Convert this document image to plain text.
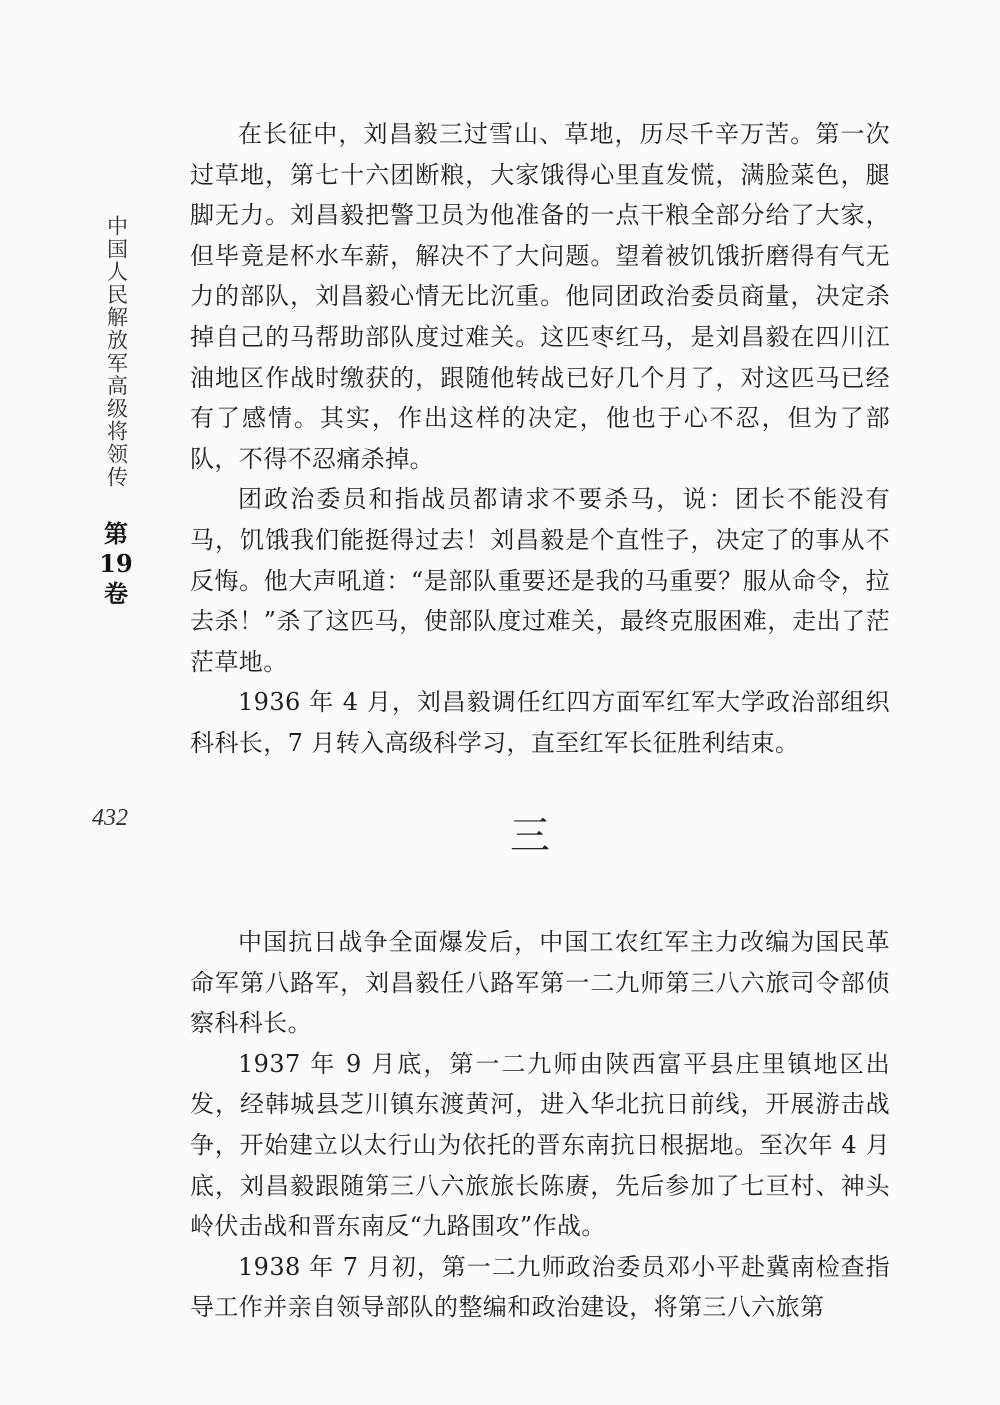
中国人民解放军高级将领传
第
19
卷
432

在长征中，刘昌毅三过雪山、草地，历尽千辛万苦。第一次过草地，第七十六团断粮，大家饿得心里直发慌，满脸菜色，腿脚无力。刘昌毅把警卫员为他准备的一点干粮全部分给了大家，但毕竟是杯水车薪，解决不了大问题。望着被饥饿折磨得有气无力的部队，刘昌毅心情无比沉重。他同团政治委员商量，决定杀掉自己的马帮助部队度过难关。这匹枣红马，是刘昌毅在四川江油地区作战时缴获的，跟随他转战已好几个月了，对这匹马已经有了感情。其实，作出这样的决定，他也于心不忍，但为了部队，不得不忍痛杀掉。

团政治委员和指战员都请求不要杀马，说：团长不能没有马，饥饿我们能挺得过去！刘昌毅是个直性子，决定了的事从不反悔。他大声吼道：“是部队重要还是我的马重要？服从命令，拉去杀！”杀了这匹马，使部队度过难关，最终克服困难，走出了茫茫草地。

1936 年 4 月，刘昌毅调任红四方面军红军大学政治部组织科科长，7 月转入高级科学习，直至红军长征胜利结束。

三

中国抗日战争全面爆发后，中国工农红军主力改编为国民革命军第八路军，刘昌毅任八路军第一二九师第三八六旅司令部侦察科科长。

1937 年 9 月底，第一二九师由陕西富平县庄里镇地区出发，经韩城县芝川镇东渡黄河，进入华北抗日前线，开展游击战争，开始建立以太行山为依托的晋东南抗日根据地。至次年 4 月底，刘昌毅跟随第三八六旅旅长陈赓，先后参加了七亘村、神头岭伏击战和晋东南反“九路围攻”作战。

1938 年 7 月初，第一二九师政治委员邓小平赴冀南检查指导工作并亲自领导部队的整编和政治建设，将第三八六旅第
